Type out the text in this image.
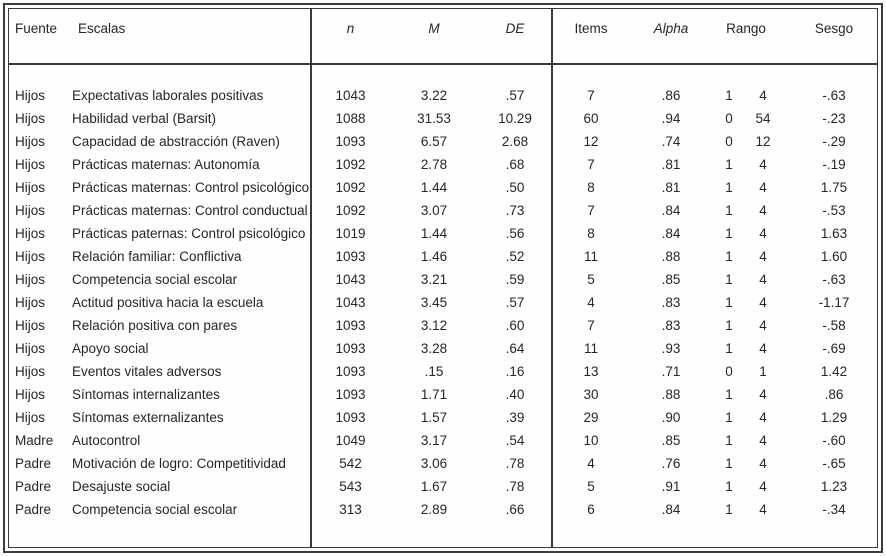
Fuente	Escalas	n	M	DE	Items	Alpha	Rango	Sesgo
Hijos	Expectativas laborales positivas	1043	3.22	.57	7	.86	1	4	-.63
Hijos	Habilidad verbal (Barsit)	1088	31.53	10.29	60	.94	0	54	-.23
Hijos	Capacidad de abstracción (Raven)	1093	6.57	2.68	12	.74	0	12	-.29
Hijos	Prácticas maternas: Autonomía	1092	2.78	.68	7	.81	1	4	-.19
Hijos	Prácticas maternas: Control psicológico	1092	1.44	.50	8	.81	1	4	1.75
Hijos	Prácticas maternas: Control conductual	1092	3.07	.73	7	.84	1	4	-.53
Hijos	Prácticas paternas: Control psicológico	1019	1.44	.56	8	.84	1	4	1.63
Hijos	Relación familiar: Conflictiva	1093	1.46	.52	11	.88	1	4	1.60
Hijos	Competencia social escolar	1043	3.21	.59	5	.85	1	4	-.63
Hijos	Actitud positiva hacia la escuela	1043	3.45	.57	4	.83	1	4	-1.17
Hijos	Relación positiva con pares	1093	3.12	.60	7	.83	1	4	-.58
Hijos	Apoyo social	1093	3.28	.64	11	.93	1	4	-.69
Hijos	Eventos vitales adversos	1093	.15	.16	13	.71	0	1	1.42
Hijos	Síntomas internalizantes	1093	1.71	.40	30	.88	1	4	.86
Hijos	Síntomas externalizantes	1093	1.57	.39	29	.90	1	4	1.29
Madre	Autocontrol	1049	3.17	.54	10	.85	1	4	-.60
Padre	Motivación de logro: Competitividad	542	3.06	.78	4	.76	1	4	-.65
Padre	Desajuste social	543	1.67	.78	5	.91	1	4	1.23
Padre	Competencia social escolar	313	2.89	.66	6	.84	1	4	-.34
